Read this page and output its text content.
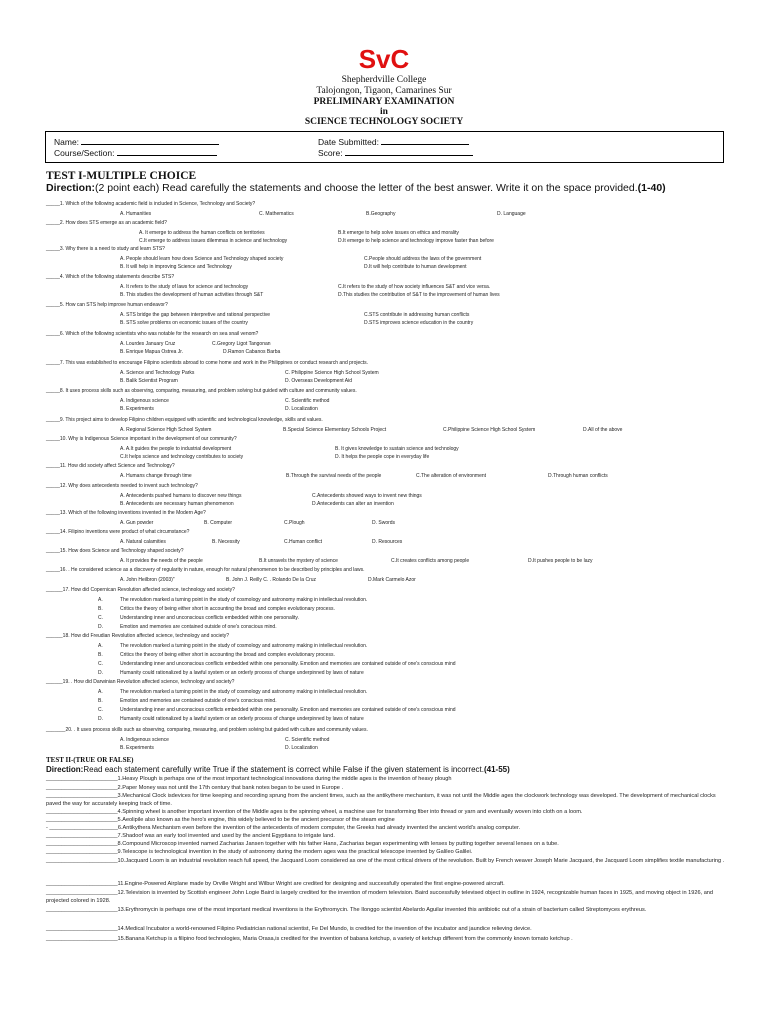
SvC
Shepherdville College
Talojongon, Tigaon, Camarines Sur
PRELIMINARY EXAMINATION
in
SCIENCE TECHNOLOGY SOCIETY
Name:
Course/Section:
Date Submitted:
Score:
TEST I-MULTIPLE CHOICE
Direction:(2 point each) Read carefully the statements and choose the letter of the best answer. Write it on the space provided.(1-40)
_____1. Which of the following academic field is included in Science, Technology and Society?
A. Humanities	C. Mathematics	B.Geography	D. Language
_____2. How does STS emerge as an academic field?
A. It emerge to address the human conflicts on territories	B.It emerge to help solve issues on ethics and morality
C.It emerge to address issues dilemmas in science and technology	D.It emerge to help science and technology improve faster than before
_____3. Why there is a need to study and learn STS?
A. People should learn how does Science and Technology shaped society	C.People should address the laws of the government
B. It will help in improving Science and Technology	D.It will help contribute to human development
_____4. Which of the following statements describe STS?
A. It refers to the study of laws for science and technology	C.It refers to the study of how society influences S&T and vice versa.
B. This studies the development of human activities through S&T	D.This studies the contribution of S&T to the improvement of human lives
_____5. How can STS help improve human endeavor?
A. STS bridge the gap between interpretive and rational perspective	C.STS contribute in addressing human conflicts
B. STS solve problems on economic issues of the country	D.STS improves science education in the country
_____6. Which of the following scientists who was notable for the research on sea snail venom?
A. Lourdes January Cruz	C.Gregory Ligot Tangonan
B. Enrique Mapua Ostrea Jr.	D.Ramon Cabanos Barba
_____7. This was established to encourage Filipino scientists abroad to come home and work in the Philippines or conduct research and projects.
A. Science and Technology Parks	C. Philippine Science High School System
B. Balik Scientist Program	D. Overseas Development Aid
_____8. It uses process skills such as observing, comparing, measuring, and problem solving but guided with culture and community values.
A. Indigenous science	C. Scientific method
B. Experiments	D. Localization
_____9. This project aims to develop Filipino children equipped with scientific and technological knowledge, skills and values.
A. Regional Science High School System	B.Special Science Elementary Schools Project	C.Philippine Science High School System	D.All of the above
_____10. Why is Indigenous Science important in the development of our community?
A. A.It guides the people to industrial development	B. It gives knowledge to sustain science and technology
C.It helps science and technology contributes to society	D. It helps the people cope in everyday life
_____11. How did society affect Science and Technology?
A. Humans change through time	B.Through the survival needs of the people	C.The alteration of environment	D.Through human conflicts
_____12. Why does antecedents needed to invent such technology?
A. Antecedents pushed humans to discover new things	C.Antecedents showed ways to invent new things
B. Antecedents are necessary human phenomenon	D.Antecedents can alter an invention
_____13. Which of the following inventions invented in the Modern Age?
A. Gun powder	B. Computer	C.Plough	D. Swords
_____14. Filipino inventions were product of what circumstance?
A. Natural calamities	B. Necessity	C.Human conflict	D. Resources
_____15. How does Science and Technology shaped society?
A. It provides the needs of the people	B.It unravels the mystery of science	C.It creates conflicts among people	D.It pushes people to be lazy
_____16. . He considered science as a discovery of regularity in nature, enough for natural phenomenon to be described by principles and laws.
A. John Heilbron (2003)"	B. John J. Reilly C. . Rolando De la Cruz	D.Mark Carmelo Azor
______17. How did Copernican Revolution affected science, technology and society?
A.	The revolution marked a turning point in the study of cosmology and astronomy making in intellectual revolution.
B.	Critics the theory of being either short in accounting the broad and complex evolutionary process.
C.	Understanding inner and unconscious conflicts embedded within one personality.
D.	Emotion and memories are contained outside of one's conscious mind.
______18. How did Freudian Revolution affected science, technology and society?
A.	The revolution marked a turning point in the study of cosmology and astronomy making in intellectual revolution.
B.	Critics the theory of being either short in accounting the broad and complex evolutionary process.
C.	Understanding inner and unconscious conflicts embedded within one personality. Emotion and memories are contained outside of one's conscious mind
D.	Humanity could rationalized by a lawful system or an orderly process of change underpinned by laws of nature
______19. . How did Darwinian Revolution affected science, technology and society?
A.	The revolution marked a turning point in the study of cosmology and astronomy making in intellectual revolution.
B.	Emotion and memories are contained outside of one's conscious mind.
C.	Understanding inner and unconscious conflicts embedded within one personality. Emotion and memories are contained outside of one's conscious mind
D.	Humanity could rationalized by a lawful system or an orderly process of change underpinned by laws of nature
_______20. . It uses process skills such as observing, comparing, measuring, and problem solving but guided with culture and community values.
A. Indigenous science	C. Scientific method
B. Experiments	D. Localization
TEST II-(TRUE OR FALSE)
Direction:Read each statement carefully write True if the statement is correct while False if the given statement is incorrect.(41-55)
_______________________1.Heavy Plough is perhaps one of the most important technological innovations during the middle ages is the invention of heavy plough
_______________________2.Paper Money was not until the 17th century that bank notes began to be used in Europe .
_______________________3.Mechanical Clock isdevices for time keeping and recording sprung from the ancient times, such as the antikythere mechanism, it was not until the Middle ages the clockwork technology was developed. The development of mechanical clocks paved the way for accurately keeping track of time.
_______________________4.Spinning wheel is another important invention of the Middle ages is the spinning wheel, a machine use for transforming fiber into thread or yarn and eventually woven into cloth on a loom.
_______________________5.Aeolipile also known as the hero's engine, this widely believed to be the ancient precursor of the steam engine
- ______________________6.Antikythera Mechanism even before the invention of the antecedents of modern computer, the Greeks had already invented the ancient world's analog computer.
_______________________7.Shadoof was an early tool invented and used by the ancient Egyptians to irrigate land.
_______________________8.Compound Microscop invented named Zacharias Jansen together with his father Hans, Zacharias began experimenting with lenses by putting together several lenses on a tube.
_______________________9.Telescope is technological invention in the study of astronomy during the modern ages was the practical telescope invented by Galileo Galilei.
_______________________10.Jacquard Loom is an industrial revolution reach full speed, the Jacquard Loom considered as one of the most critical drivers of the revolution. Built by French weaver Joseph Marie Jacquard, the Jacquard Loom simplifies textile manufacturing .
_______________________11.Engine-Powered Airplane made by Orville Wright and Wilbur Wright are credited for designing and successfully operated the first engine-powered aircraft.
_______________________12.Television is invented by Scottish engineer John Logie Baird is largely credited for the invention of modern television. Baird successfully televised object in outline in 1924, recognizable human faces in 1925, and moving object in 1926, and projected colored in 1928.
_______________________13.Erythromycin is perhaps one of the most important medical inventions is the Erythromycin. The Ilonggo scientist Abelardo Aguilar invented this antibiotic out of a strain of bacterium called Streptomyces erythreus.
_______________________14.Medical Incubator a world-renowned Filipino Pediatrician national scientist, Fe Del Mundo, is credited for the invention of the incubator and jaundice relieving device.
_______________________15.Banana Ketchup is a filipino food technologies, Maria Orasa,is credited for the invention of babana ketchup, a variety of ketchup different from the commonly known tomato ketchup .
